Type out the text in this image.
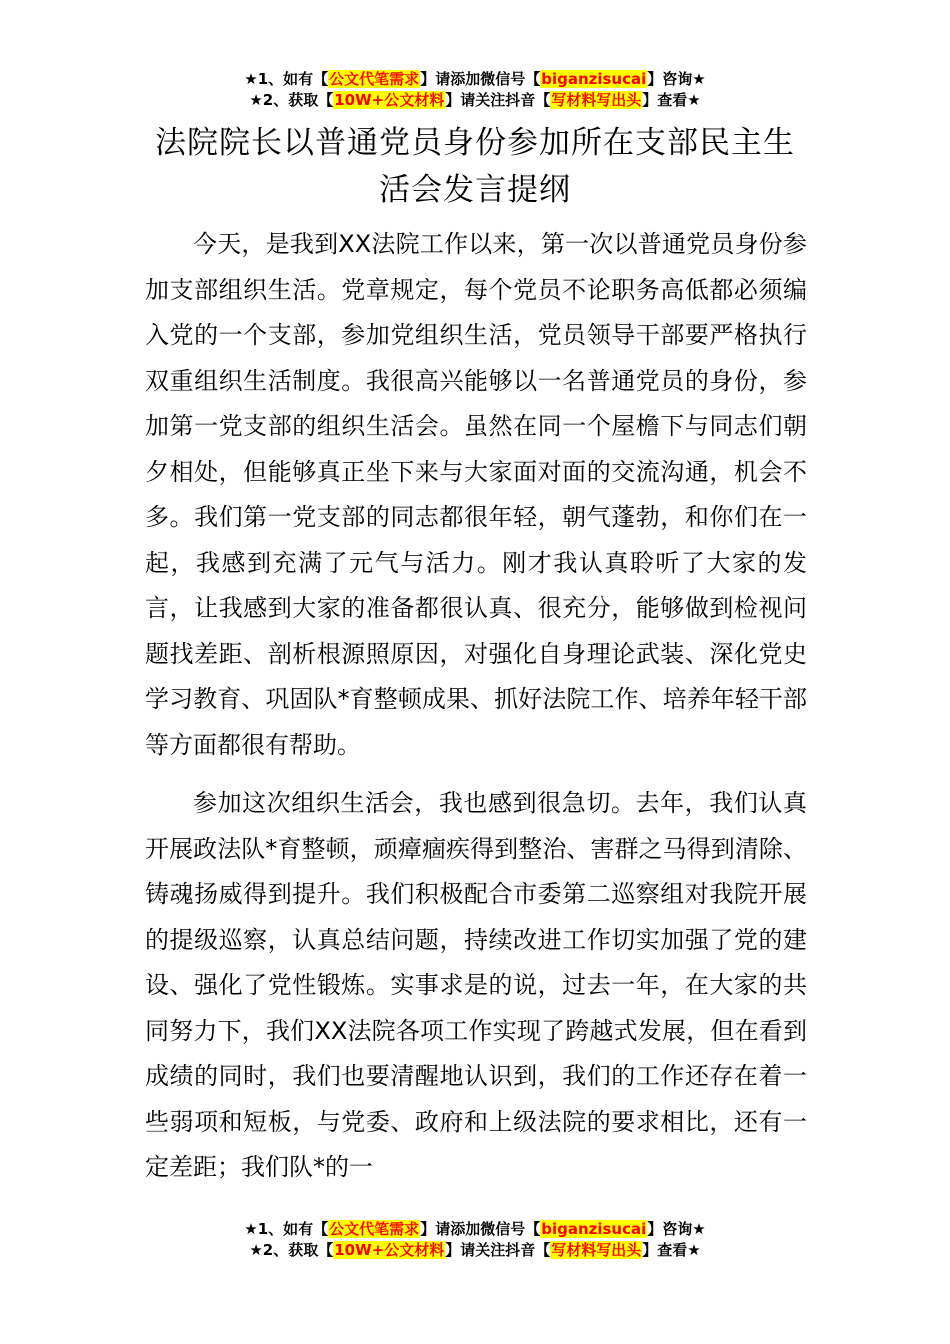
★1、如有【公文代笔需求】请添加微信号【biganzisucai】咨询★
★2、获取【10W+公文材料】请关注抖音【写材料写出头】查看★
法院院长以普通党员身份参加所在支部民主生活会发言提纲

今天，是我到XX法院工作以来，第一次以普通党员身份参加支部组织生活。党章规定，每个党员不论职务高低都必须编入党的一个支部，参加党组织生活，党员领导干部要严格执行双重组织生活制度。我很高兴能够以一名普通党员的身份，参加第一党支部的组织生活会。虽然在同一个屋檐下与同志们朝夕相处，但能够真正坐下来与大家面对面的交流沟通，机会不多。我们第一党支部的同志都很年轻，朝气蓬勃，和你们在一起，我感到充满了元气与活力。刚才我认真聆听了大家的发言，让我感到大家的准备都很认真、很充分，能够做到检视问题找差距、剖析根源照原因，对强化自身理论武装、深化党史学习教育、巩固队*育整顿成果、抓好法院工作、培养年轻干部等方面都很有帮助。

参加这次组织生活会，我也感到很急切。去年，我们认真开展政法队*育整顿，顽瘴痼疾得到整治、害群之马得到清除、铸魂扬威得到提升。我们积极配合市委第二巡察组对我院开展的提级巡察，认真总结问题，持续改进工作切实加强了党的建设、强化了党性锻炼。实事求是的说，过去一年，在大家的共同努力下，我们XX法院各项工作实现了跨越式发展，但在看到成绩的同时，我们也要清醒地认识到，我们的工作还存在着一些弱项和短板，与党委、政府和上级法院的要求相比，还有一定差距；我们队*的一

★1、如有【公文代笔需求】请添加微信号【biganzisucai】咨询★
★2、获取【10W+公文材料】请关注抖音【写材料写出头】查看★
